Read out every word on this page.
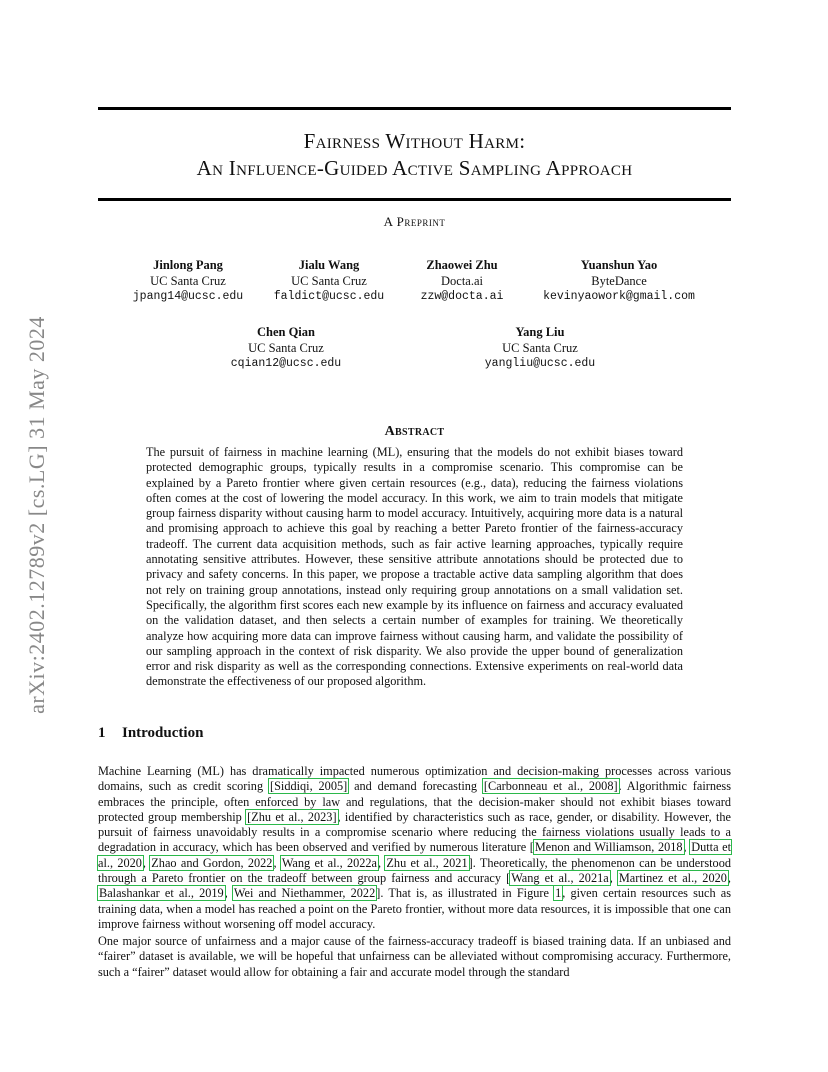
arXiv:2402.12789v2 [cs.LG] 31 May 2024
Fairness Without Harm:
An Influence-Guided Active Sampling Approach
A Preprint
Jinlong Pang
UC Santa Cruz
jpang14@ucsc.edu
Jialu Wang
UC Santa Cruz
faldict@ucsc.edu
Zhaowei Zhu
Docta.ai
zzw@docta.ai
Yuanshun Yao
ByteDance
kevinyaowork@gmail.com
Chen Qian
UC Santa Cruz
cqian12@ucsc.edu
Yang Liu
UC Santa Cruz
yangliu@ucsc.edu
Abstract
The pursuit of fairness in machine learning (ML), ensuring that the models do not exhibit biases toward protected demographic groups, typically results in a compromise scenario. This compromise can be explained by a Pareto frontier where given certain resources (e.g., data), reducing the fairness violations often comes at the cost of lowering the model accuracy. In this work, we aim to train models that mitigate group fairness disparity without causing harm to model accuracy. Intuitively, acquiring more data is a natural and promising approach to achieve this goal by reaching a better Pareto frontier of the fairness-accuracy tradeoff. The current data acquisition methods, such as fair active learning approaches, typically require annotating sensitive attributes. However, these sensitive attribute annotations should be protected due to privacy and safety concerns. In this paper, we propose a tractable active data sampling algorithm that does not rely on training group annotations, instead only requiring group annotations on a small validation set. Specifically, the algorithm first scores each new example by its influence on fairness and accuracy evaluated on the validation dataset, and then selects a certain number of examples for training. We theoretically analyze how acquiring more data can improve fairness without causing harm, and validate the possibility of our sampling approach in the context of risk disparity. We also provide the upper bound of generalization error and risk disparity as well as the corresponding connections. Extensive experiments on real-world data demonstrate the effectiveness of our proposed algorithm.
1 Introduction
Machine Learning (ML) has dramatically impacted numerous optimization and decision-making processes across various domains, such as credit scoring [Siddiqi, 2005] and demand forecasting [Carbonneau et al., 2008]. Algorithmic fairness embraces the principle, often enforced by law and regulations, that the decision-maker should not exhibit biases toward protected group membership [Zhu et al., 2023], identified by characteristics such as race, gender, or disability. However, the pursuit of fairness unavoidably results in a compromise scenario where reducing the fairness violations usually leads to a degradation in accuracy, which has been observed and verified by numerous literature [Menon and Williamson, 2018, Dutta et al., 2020, Zhao and Gordon, 2022, Wang et al., 2022a, Zhu et al., 2021]. Theoretically, the phenomenon can be understood through a Pareto frontier on the tradeoff between group fairness and accuracy [Wang et al., 2021a, Martinez et al., 2020, Balashankar et al., 2019, Wei and Niethammer, 2022]. That is, as illustrated in Figure 1, given certain resources such as training data, when a model has reached a point on the Pareto frontier, without more data resources, it is impossible that one can improve fairness without worsening off model accuracy.
One major source of unfairness and a major cause of the fairness-accuracy tradeoff is biased training data. If an unbiased and “fairer” dataset is available, we will be hopeful that unfairness can be alleviated without compromising accuracy. Furthermore, such a “fairer” dataset would allow for obtaining a fair and accurate model through the standard
